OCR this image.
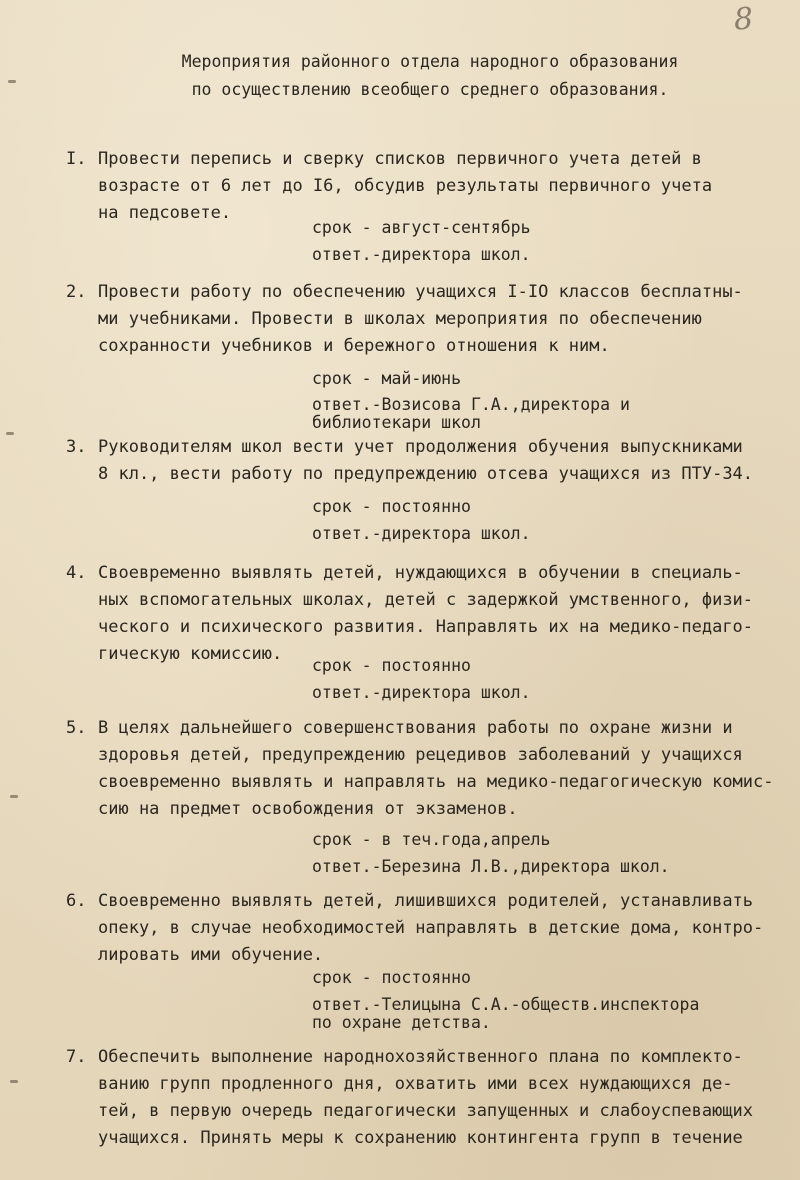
8
Мероприятия районного отдела народного образования
по осуществлению всеобщего среднего образования.
I. Провести перепись и сверку списков первичного учета детей в
возрасте от 6 лет до I6, обсудив результаты первичного учета
на педсовете.
срок - август-сентябрь
ответ.-директора школ.
2. Провести работу по обеспечению учащихся I-IO классов бесплатны-
ми учебниками. Провести в школах мероприятия по обеспечению
сохранности учебников и бережного отношения к ним.
срок - май-июнь
ответ.-Возисова Г.А.,директора и
библиотекари школ
3. Руководителям школ вести учет продолжения обучения выпускниками
8 кл., вести работу по предупреждению отсева учащихся из ПТУ-34.
срок - постоянно
ответ.-директора школ.
4. Своевременно выявлять детей, нуждающихся в обучении в специаль-
ных вспомогательных школах, детей с задержкой умственного, физи-
ческого и психического развития. Направлять их на медико-педаго-
гическую комиссию.
срок - постоянно
ответ.-директора школ.
5. В целях дальнейшего совершенствования работы по охране жизни и
здоровья детей, предупреждению рецедивов заболеваний у учащихся
своевременно выявлять и направлять на медико-педагогическую комис-
сию на предмет освобождения от экзаменов.
срок - в теч.года,апрель
ответ.-Березина Л.В.,директора школ.
6. Своевременно выявлять детей, лишившихся родителей, устанавливать
опеку, в случае необходимостей направлять в детские дома, контро-
лировать ими обучение.
срок - постоянно
ответ.-Телицына С.А.-обществ.инспектора
по охране детства.
7. Обеспечить выполнение народнохозяйственного плана по комплекто-
ванию групп продленного дня, охватить ими всех нуждающихся де-
тей, в первую очередь педагогически запущенных и слабоуспевающих
учащихся. Принять меры к сохранению контингента групп в течение
